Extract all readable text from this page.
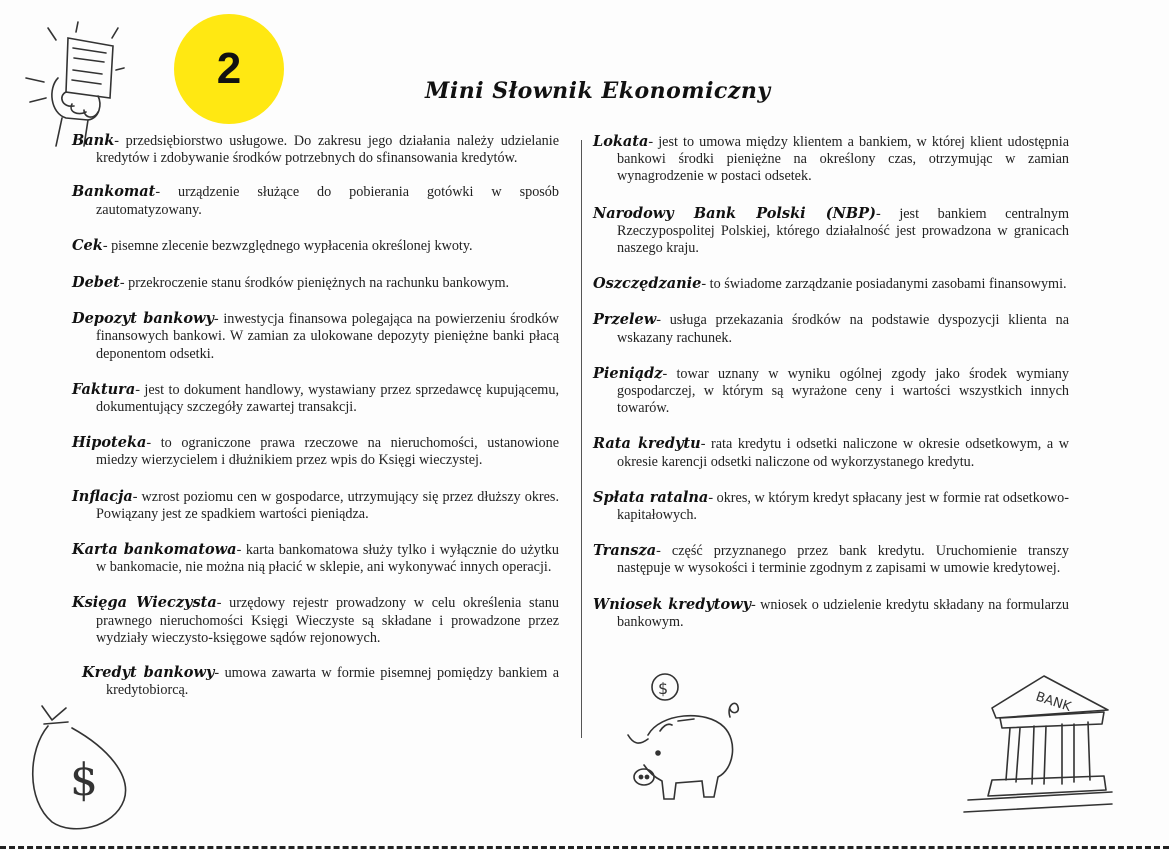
2	Mini Słownik Ekonomiczny

Bank- przedsiębiorstwo usługowe. Do zakresu jego działania należy udzielanie kredytów i zdobywanie środków potrzebnych do sfinansowania kredytów.

Bankomat- urządzenie służące do pobierania gotówki w sposób zautomatyzowany.

Cek- pisemne zlecenie bezwzględnego wypłacenia określonej kwoty.

Debet- przekroczenie stanu środków pieniężnych na rachunku bankowym.

Depozyt bankowy- inwestycja finansowa polegająca na powierzeniu środków finansowych bankowi. W zamian za ulokowane depozyty pieniężne banki płacą deponentom odsetki.

Faktura- jest to dokument handlowy, wystawiany przez sprzedawcę kupującemu, dokumentujący szczegóły zawartej transakcji.

Hipoteka- to ograniczone prawa rzeczowe na nieruchomości, ustanowione miedzy wierzycielem i dłużnikiem przez wpis do Księgi wieczystej.

Inflacja- wzrost poziomu cen w gospodarce, utrzymujący się przez dłuższy okres. Powiązany jest ze spadkiem wartości pieniądza.

Karta bankomatowa- karta bankomatowa służy tylko i wyłącznie do użytku w bankomacie, nie można nią płacić w sklepie, ani wykonywać innych operacji.

Księga Wieczysta- urzędowy rejestr prowadzony w celu określenia stanu prawnego nieruchomości Księgi Wieczyste są składane i prowadzone przez wydziały wieczysto-księgowe sądów rejonowych.

Kredyt bankowy- umowa zawarta w formie pisemnej pomiędzy bankiem a kredytobiorcą.

Lokata- jest to umowa między klientem a bankiem, w której klient udostępnia bankowi środki pieniężne na określony czas, otrzymując w zamian wynagrodzenie w postaci odsetek.

Narodowy Bank Polski (NBP)- jest bankiem centralnym Rzeczypospolitej Polskiej, którego działalność jest prowadzona w granicach naszego kraju.

Oszczędzanie- to świadome zarządzanie posiadanymi zasobami finansowymi.

Przelew- usługa przekazania środków na podstawie dyspozycji klienta na wskazany rachunek.

Pieniądz- towar uznany w wyniku ogólnej zgody jako środek wymiany gospodarczej, w którym są wyrażone ceny i wartości wszystkich innych towarów.

Rata kredytu- rata kredytu i odsetki naliczone w okresie odsetkowym, a w okresie karencji odsetki naliczone od wykorzystanego kredytu.

Spłata ratalna- okres, w którym kredyt spłacany jest w formie rat odsetkowo-kapitałowych.

Transza- część przyznanego przez bank kredytu. Uruchomienie transzy następuje w wysokości i terminie zgodnym z zapisami w umowie kredytowej.

Wniosek kredytowy- wniosek o udzielenie kredytu składany na formularzu bankowym.

$
$
BANK
